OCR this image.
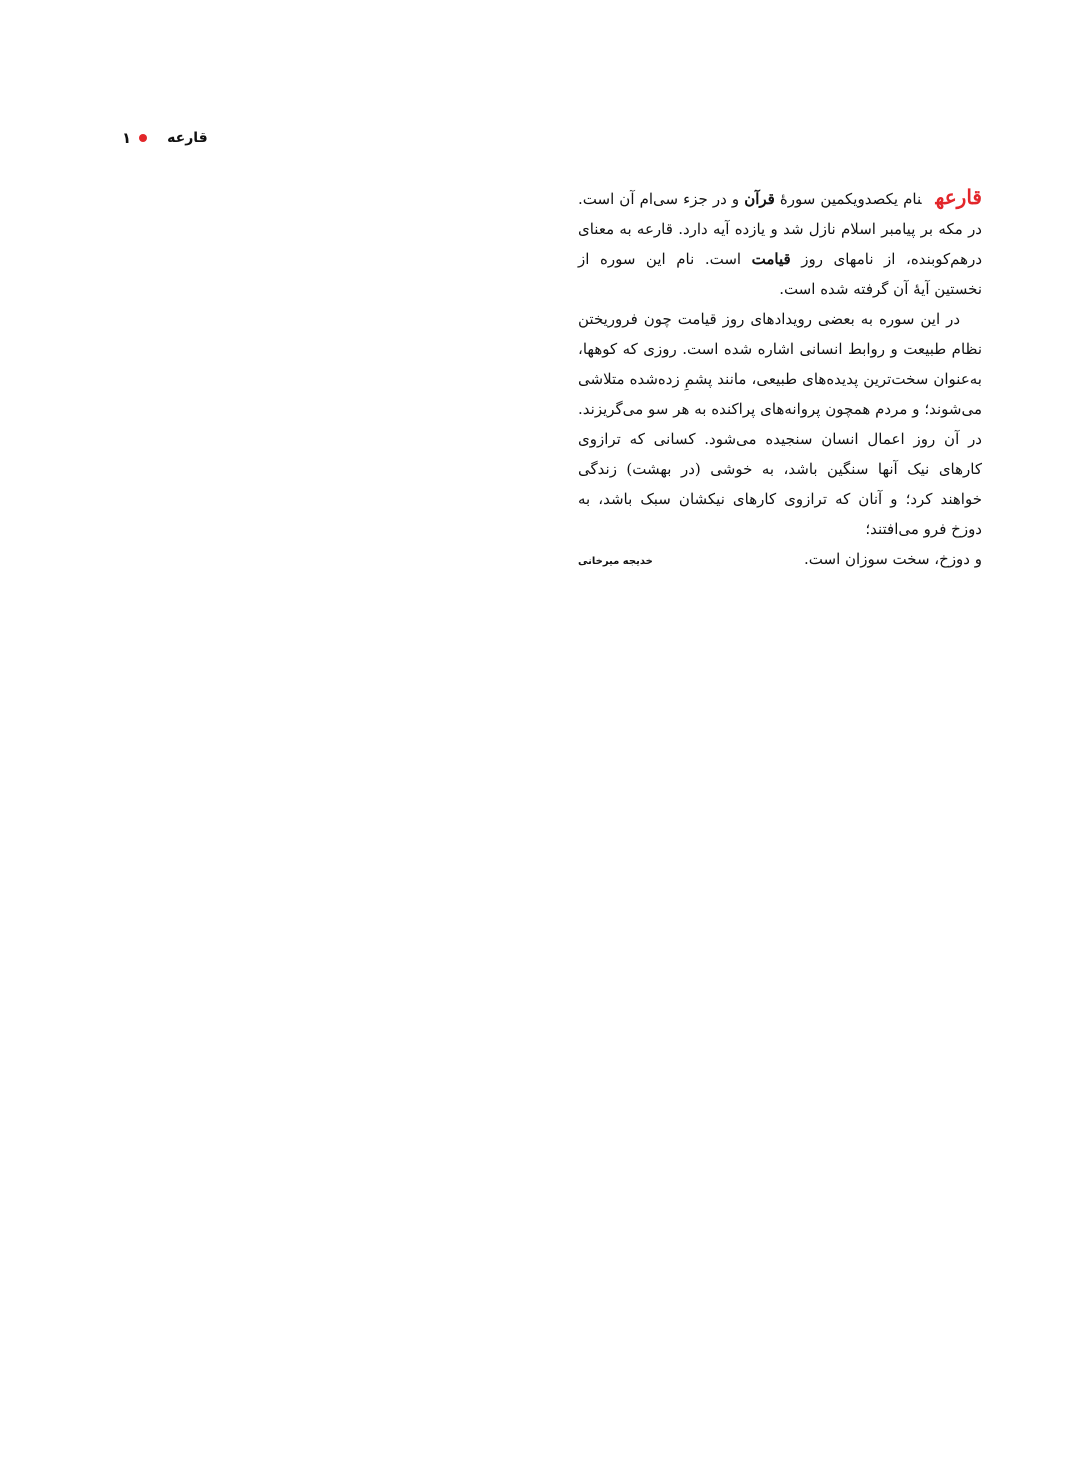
١	قارعه

قارعهنام یکصدویکمین سورهٔ قرآن و در جزء سی‌ام آن است. در مکه بر پیامبر اسلام نازل شد و یازده آیه دارد. قارعه به معنای درهم‌کوبنده، از نامهای روز قیامت است. نام این سوره از نخستین آیهٔ آن گرفته شده است.

در این سوره به بعضی رویدادهای روز قیامت چون فروریختن نظام طبیعت و روابط انسانی اشاره شده است. روزی که کوهها، به‌عنوان سخت‌ترین پدیده‌های طبیعی، مانند پشمِ زده‌شده متلاشی می‌شوند؛ و مردم همچون پروانه‌های پراکنده به هر سو می‌گریزند. در آن روز اعمال انسان سنجیده می‌شود. کسانی که ترازوی کارهای نیک آنها سنگین باشد، به خوشی (در بهشت) زندگی خواهند کرد؛ و آنان که ترازوی کارهای نیکشان سبک باشد، به دوزخ فرو می‌افتند؛

و دوزخ، سخت سوزان است.
خدیجه میرخانی
